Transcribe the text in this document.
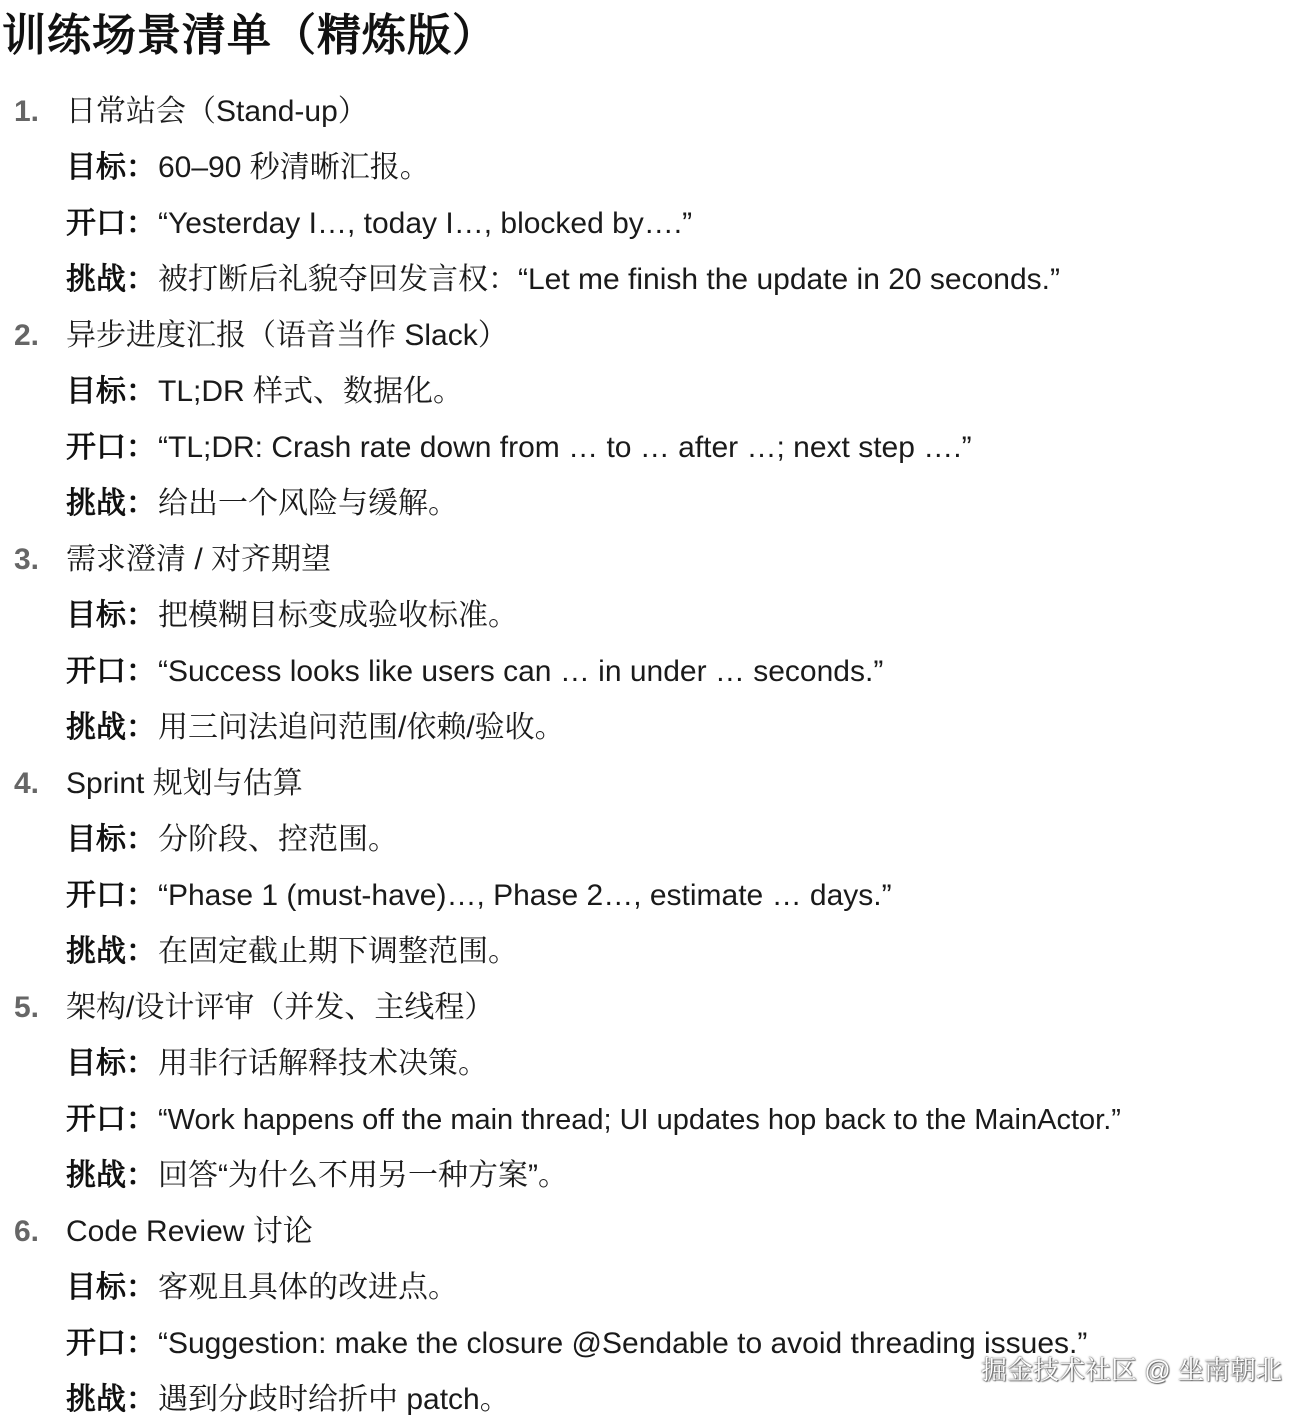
训练场景清单（精炼版）
1. 日常站会（Stand-up）
目标： 60–90 秒清晰汇报。
开口： “Yesterday I…, today I…, blocked by….”
挑战： 被打断后礼貌夺回发言权：“Let me finish the update in 20 seconds.”
2. 异步进度汇报（语音当作 Slack）
目标： TL;DR 样式、数据化。
开口： “TL;DR: Crash rate down from … to … after …; next step ….”
挑战： 给出一个风险与缓解。
3. 需求澄清 / 对齐期望
目标： 把模糊目标变成验收标准。
开口： “Success looks like users can … in under … seconds.”
挑战： 用三问法追问范围/依赖/验收。
4. Sprint 规划与估算
目标： 分阶段、控范围。
开口： “Phase 1 (must-have)…, Phase 2…, estimate … days.”
挑战： 在固定截止期下调整范围。
5. 架构/设计评审（并发、主线程）
目标： 用非行话解释技术决策。
开口： “Work happens off the main thread; UI updates hop back to the MainActor.”
挑战： 回答“为什么不用另一种方案”。
6. Code Review 讨论
目标： 客观且具体的改进点。
开口： “Suggestion: make the closure @Sendable to avoid threading issues.”
挑战： 遇到分歧时给折中 patch。
掘金技术社区 @ 坐南朝北
